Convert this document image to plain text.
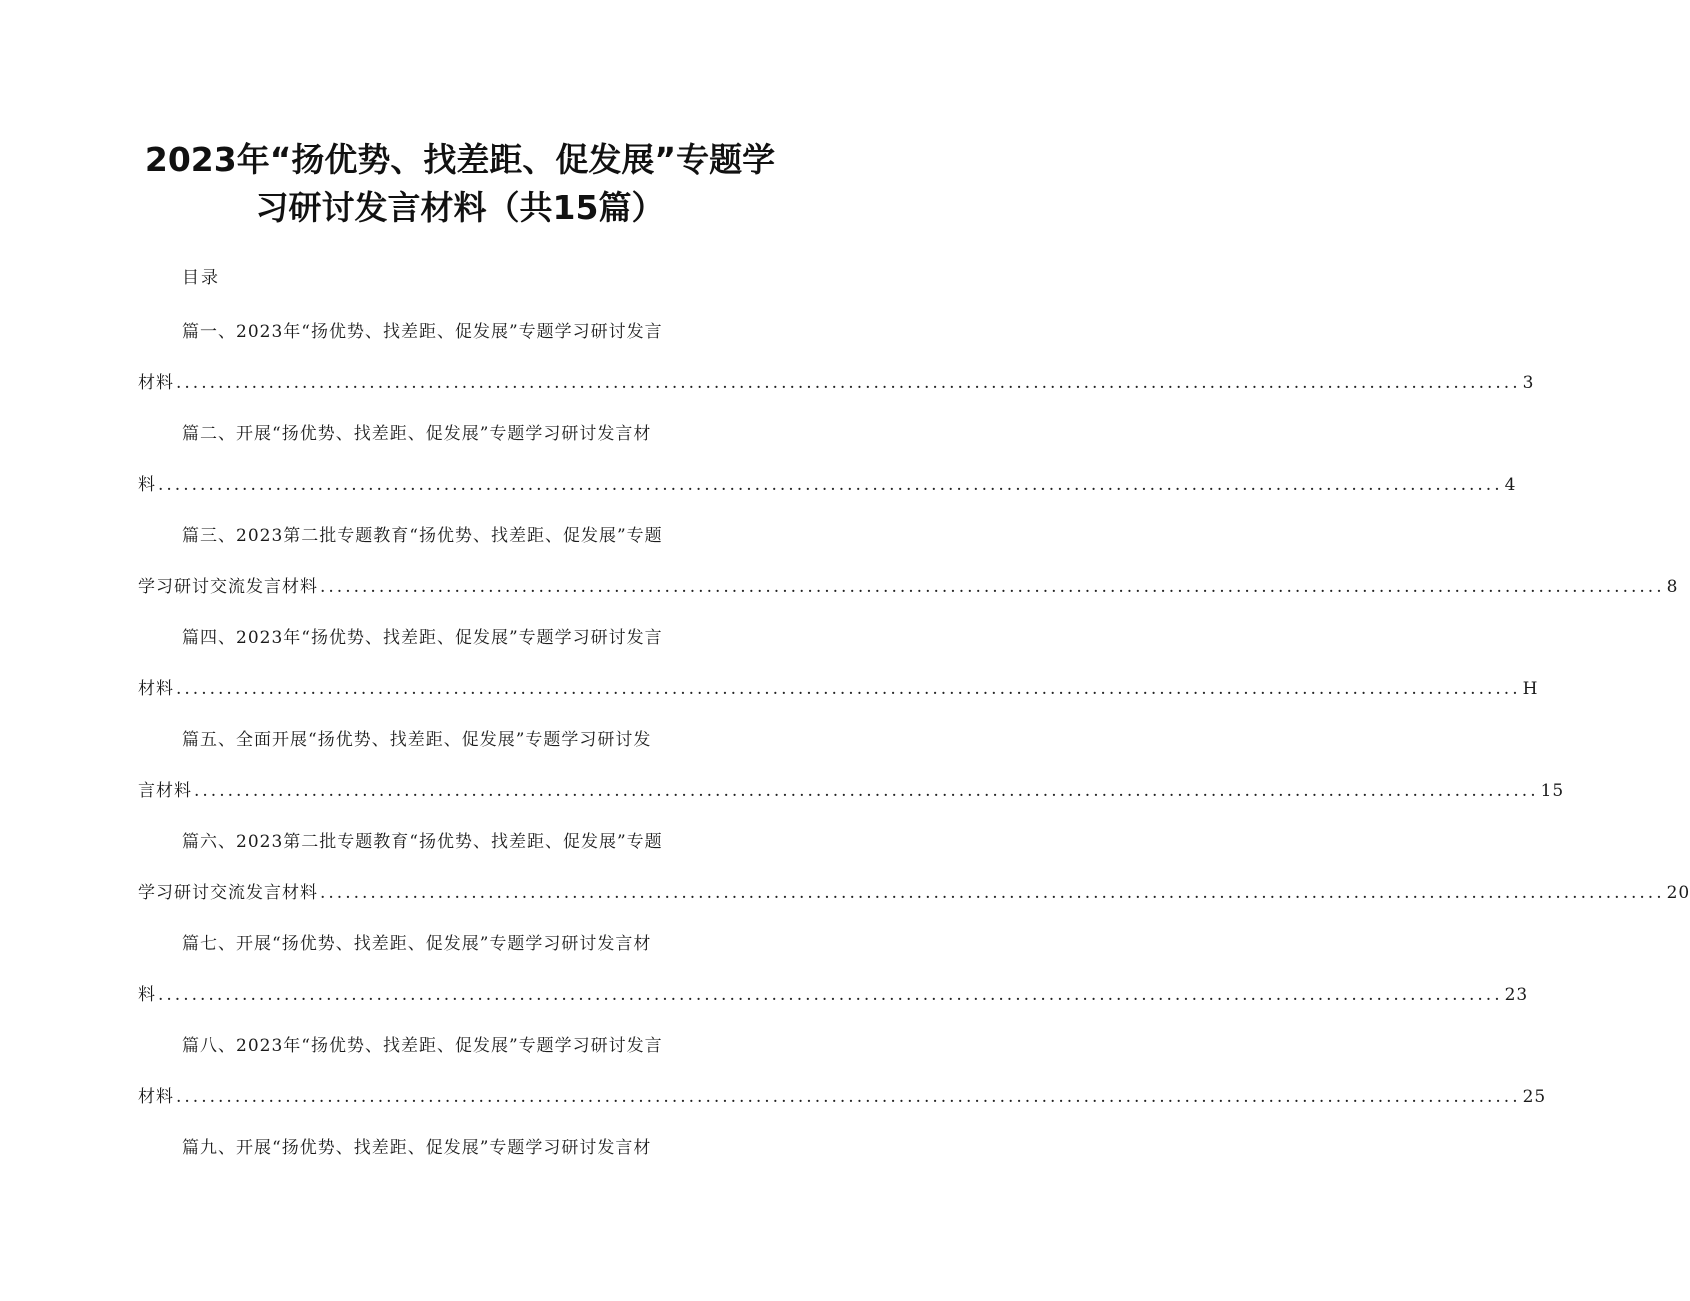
2023年“扬优势、找差距、促发展”专题学
习研讨发言材料（共15篇）
目录
篇一、2023年“扬优势、找差距、促发展”专题学习研讨发言
材料 ................................................................................................................................................................ 3
篇二、开展“扬优势、找差距、促发展”专题学习研讨发言材
料 ................................................................................................................................................................ 4
篇三、2023第二批专题教育“扬优势、找差距、促发展”专题
学习研讨交流发言材料 ................................................................................................................................................................ 8
篇四、2023年“扬优势、找差距、促发展”专题学习研讨发言
材料 ................................................................................................................................................................ H
篇五、全面开展“扬优势、找差距、促发展”专题学习研讨发
言材料 ................................................................................................................................................................ 15
篇六、2023第二批专题教育“扬优势、找差距、促发展”专题
学习研讨交流发言材料 ................................................................................................................................................................ 20
篇七、开展“扬优势、找差距、促发展”专题学习研讨发言材
料 ................................................................................................................................................................ 23
篇八、2023年“扬优势、找差距、促发展”专题学习研讨发言
材料 ................................................................................................................................................................ 25
篇九、开展“扬优势、找差距、促发展”专题学习研讨发言材
